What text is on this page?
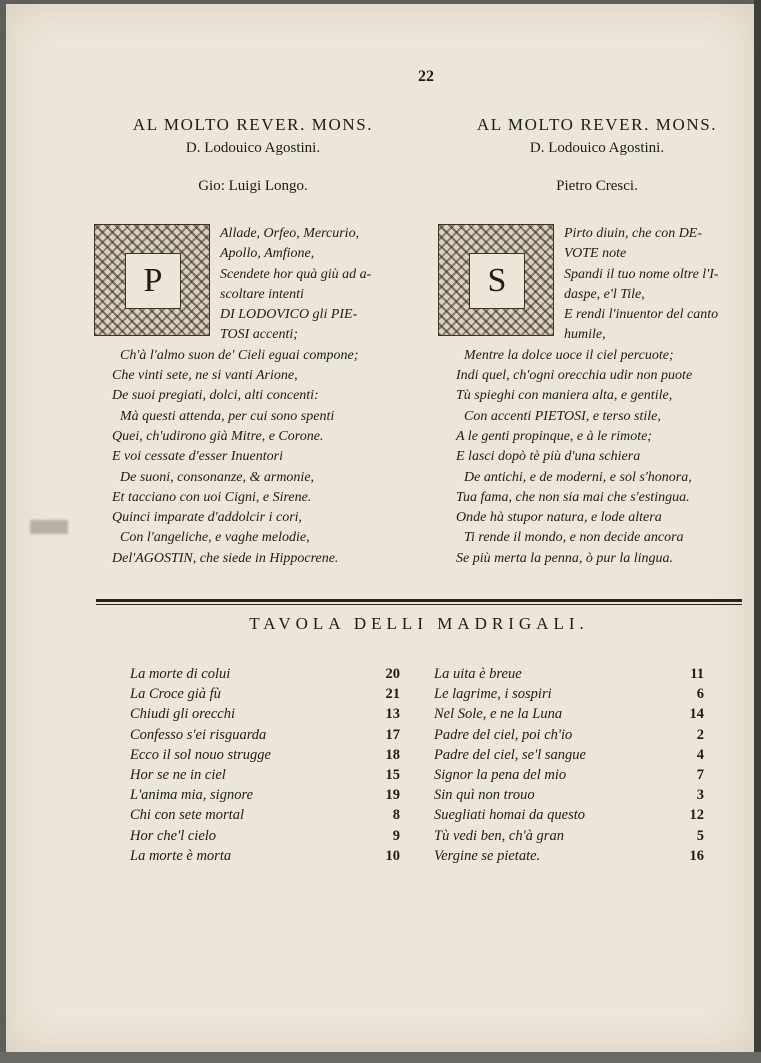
22
AL MOLTO REVER. MONS.
D. Lodouico Agostini.
Gio: Luigi Longo.
P
Allade, Orfeo, Mercurio,
Apollo, Amfione,
Scendete hor quà giù ad a-
scoltare intenti
DI LODOVICO gli PIE-
TOSI accenti;
Ch'à l'almo suon de' Cieli eguai compone;
Che vinti sete, ne si vanti Arione,
De suoi pregiati, dolci, alti concenti:
Mà questi attenda, per cui sono spenti
Quei, ch'udirono già Mitre, e Corone.
E voi cessate d'esser Inuentori
De suoni, consonanze, & armonie,
Et tacciano con uoi Cigni, e Sirene.
Quinci imparate d'addolcir i cori,
Con l'angeliche, e vaghe melodie,
Del'AGOSTIN, che siede in Hippocrene.
AL MOLTO REVER. MONS.
D. Lodouico Agostini.
Pietro Cresci.
S
Pirto diuin, che con DE-
VOTE note
Spandi il tuo nome oltre l'I-
daspe, e'l Tile,
E rendi l'inuentor del canto
humile,
Mentre la dolce uoce il ciel percuote;
Indi quel, ch'ogni orecchia udir non puote
Tù spieghi con maniera alta, e gentile,
Con accenti PIETOSI, e terso stile,
A le genti propinque, e à le rimote;
E lasci dopò tè più d'una schiera
De antichi, e de moderni, e sol s'honora,
Tua fama, che non sia mai che s'estingua.
Onde hà stupor natura, e lode altera
Ti rende il mondo, e non decide ancora
Se più merta la penna, ò pur la lingua.
TAVOLA DELLI MADRIGALI.
La morte di colui	20
La Croce già fù	21
Chiudi gli orecchi	13
Confesso s'ei risguarda	17
Ecco il sol nouo strugge	18
Hor se ne in ciel	15
L'anima mia, signore	19
Chi con sete mortal	8
Hor che'l cielo	9
La morte è morta	10
La uita è breue	11
Le lagrime, i sospiri	6
Nel Sole, e ne la Luna	14
Padre del ciel, poi ch'io	2
Padre del ciel, se'l sangue	4
Signor la pena del mio	7
Sin quì non trouo	3
Suegliati homai da questo	12
Tù vedi ben, ch'à gran	5
Vergine se pietate.	16
